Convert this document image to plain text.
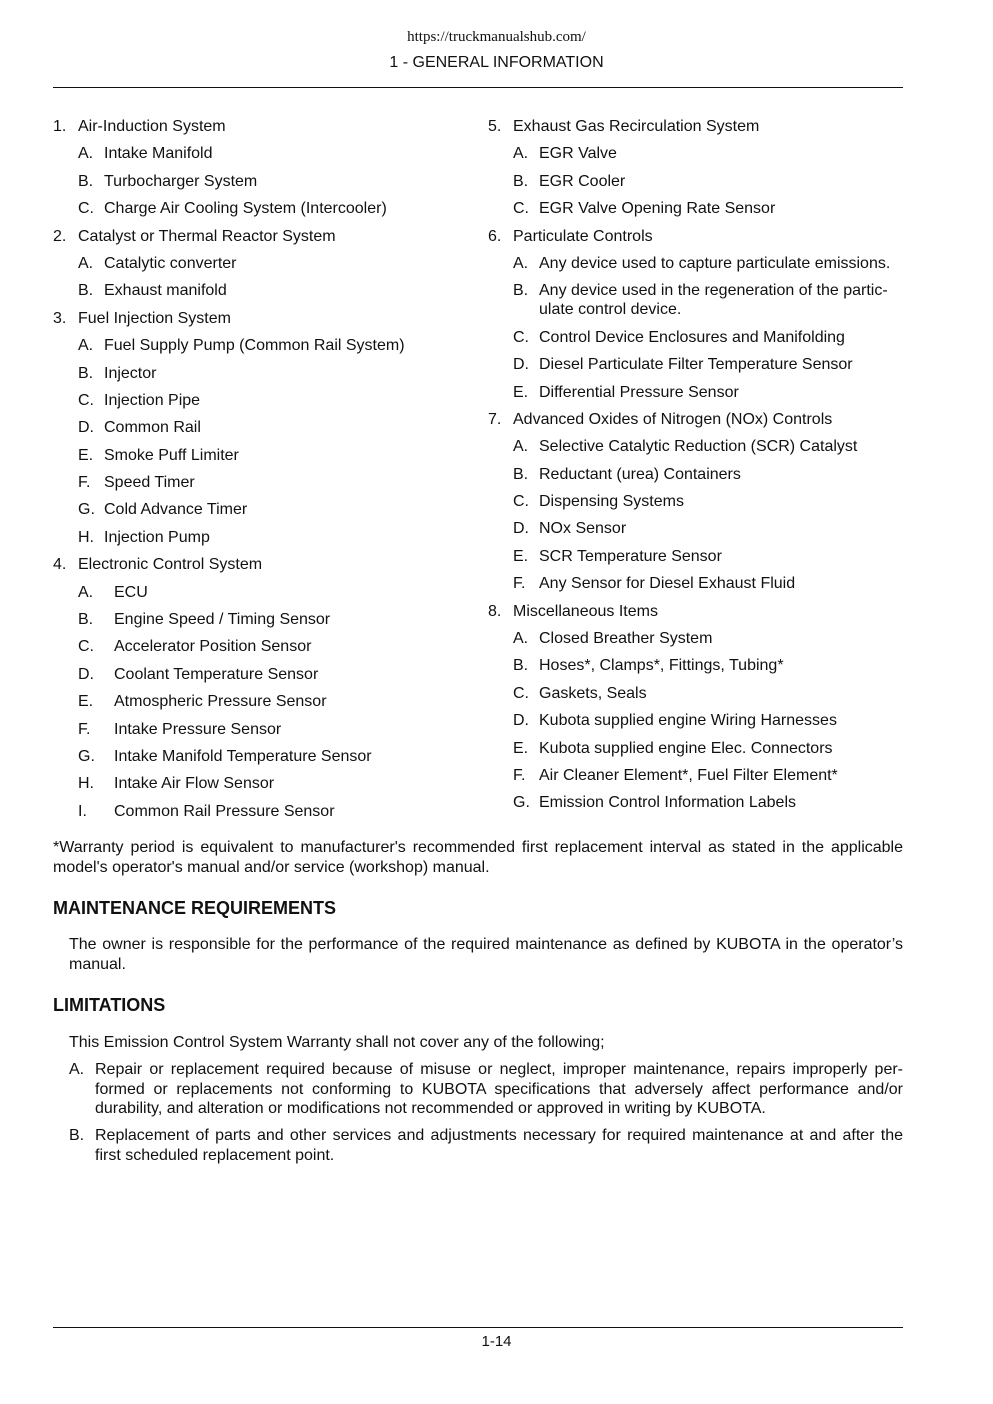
https://truckmanualshub.com/
1 - GENERAL INFORMATION
1. Air-Induction System
A. Intake Manifold
B. Turbocharger System
C. Charge Air Cooling System (Intercooler)
2. Catalyst or Thermal Reactor System
A. Catalytic converter
B. Exhaust manifold
3. Fuel Injection System
A. Fuel Supply Pump (Common Rail System)
B. Injector
C. Injection Pipe
D. Common Rail
E. Smoke Puff Limiter
F. Speed Timer
G. Cold Advance Timer
H. Injection Pump
4. Electronic Control System
A. ECU
B. Engine Speed / Timing Sensor
C. Accelerator Position Sensor
D. Coolant Temperature Sensor
E. Atmospheric Pressure Sensor
F. Intake Pressure Sensor
G. Intake Manifold Temperature Sensor
H. Intake Air Flow Sensor
I. Common Rail Pressure Sensor
5. Exhaust Gas Recirculation System
A. EGR Valve
B. EGR Cooler
C. EGR Valve Opening Rate Sensor
6. Particulate Controls
A. Any device used to capture particulate emissions.
B. Any device used in the regeneration of the partic-
ulate control device.
C. Control Device Enclosures and Manifolding
D. Diesel Particulate Filter Temperature Sensor
E. Differential Pressure Sensor
7. Advanced Oxides of Nitrogen (NOx) Controls
A. Selective Catalytic Reduction (SCR) Catalyst
B. Reductant (urea) Containers
C. Dispensing Systems
D. NOx Sensor
E. SCR Temperature Sensor
F. Any Sensor for Diesel Exhaust Fluid
8. Miscellaneous Items
A. Closed Breather System
B. Hoses*, Clamps*, Fittings, Tubing*
C. Gaskets, Seals
D. Kubota supplied engine Wiring Harnesses
E. Kubota supplied engine Elec. Connectors
F. Air Cleaner Element*, Fuel Filter Element*
G. Emission Control Information Labels
*Warranty period is equivalent to manufacturer's recommended first replacement interval as stated in the applicable model's operator's manual and/or service (workshop) manual.
MAINTENANCE REQUIREMENTS
The owner is responsible for the performance of the required maintenance as defined by KUBOTA in the operator’s manual.
LIMITATIONS
This Emission Control System Warranty shall not cover any of the following;
A. Repair or replacement required because of misuse or neglect, improper maintenance, repairs improperly per- formed or replacements not conforming to KUBOTA specifications that adversely affect performance and/or durability, and alteration or modifications not recommended or approved in writing by KUBOTA.
B. Replacement of parts and other services and adjustments necessary for required maintenance at and after the first scheduled replacement point.
1-14
